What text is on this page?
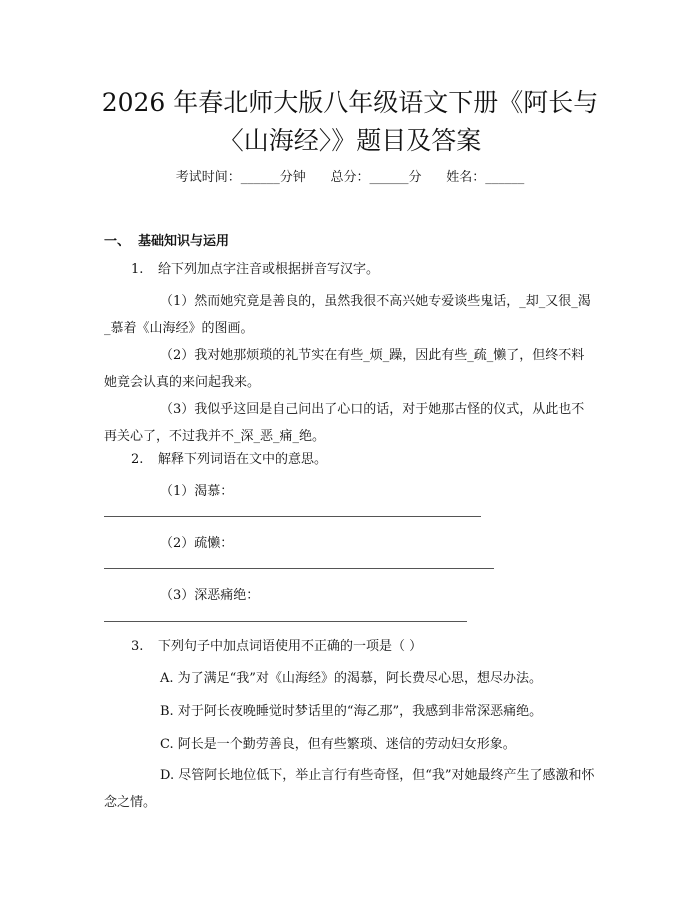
2026 年春北师大版八年级语文下册《阿长与
〈山海经〉》题目及答案
考试时间：______分钟      总分：______分      姓名：______
一、 基础知识与运用
1. 给下列加点字注音或根据拼音写汉字。

（1）然而她究竟是善良的，虽然我很不高兴她专爱谈些鬼话，_却_又很_渴_慕着《山海经》的图画。

（2）我对她那烦琐的礼节实在有些_烦_躁，因此有些_疏_懒了，但终不料她竟会认真的来问起我来。

（3）我似乎这回是自己问出了心口的话，对于她那古怪的仪式，从此也不再关心了，不过我并不_深_恶_痛_绝。

2. 解释下列词语在文中的意思。
（1）渴慕：
（2）疏懒：
（3）深恶痛绝：
3. 下列句子中加点词语使用不正确的一项是（ ）
A. 为了满足“我”对《山海经》的渴慕，阿长费尽心思，想尽办法。
B. 对于阿长夜晚睡觉时梦话里的“海乙那”，我感到非常深恶痛绝。
C. 阿长是一个勤劳善良，但有些繁琐、迷信的劳动妇女形象。

D. 尽管阿长地位低下，举止言行有些奇怪，但“我”对她最终产生了感激和怀念之情。
